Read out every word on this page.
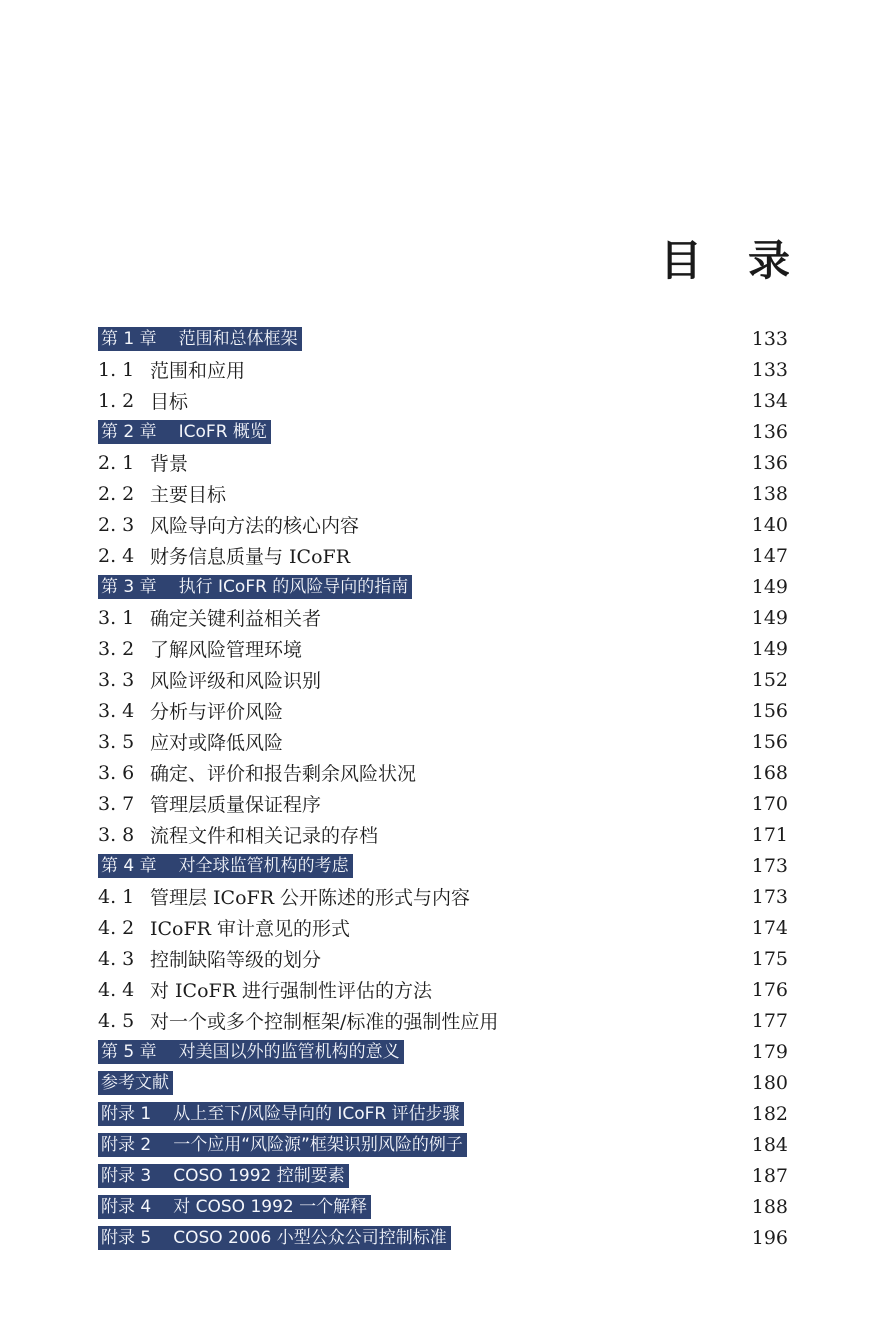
目 录
第 1 章 范围和总体框架	133
1. 1 范围和应用	133
1. 2 目标	134
第 2 章 ICoFR 概览	136
2. 1 背景	136
2. 2 主要目标	138
2. 3 风险导向方法的核心内容	140
2. 4 财务信息质量与 ICoFR	147
第 3 章 执行 ICoFR 的风险导向的指南	149
3. 1 确定关键利益相关者	149
3. 2 了解风险管理环境	149
3. 3 风险评级和风险识别	152
3. 4 分析与评价风险	156
3. 5 应对或降低风险	156
3. 6 确定、评价和报告剩余风险状况	168
3. 7 管理层质量保证程序	170
3. 8 流程文件和相关记录的存档	171
第 4 章 对全球监管机构的考虑	173
4. 1 管理层 ICoFR 公开陈述的形式与内容	173
4. 2 ICoFR 审计意见的形式	174
4. 3 控制缺陷等级的划分	175
4. 4 对 ICoFR 进行强制性评估的方法	176
4. 5 对一个或多个控制框架/标准的强制性应用	177
第 5 章 对美国以外的监管机构的意义	179
参考文献	180
附录 1 从上至下/风险导向的 ICoFR 评估步骤	182
附录 2 一个应用“风险源”框架识别风险的例子	184
附录 3 COSO 1992 控制要素	187
附录 4 对 COSO 1992 一个解释	188
附录 5 COSO 2006 小型公众公司控制标准	196
